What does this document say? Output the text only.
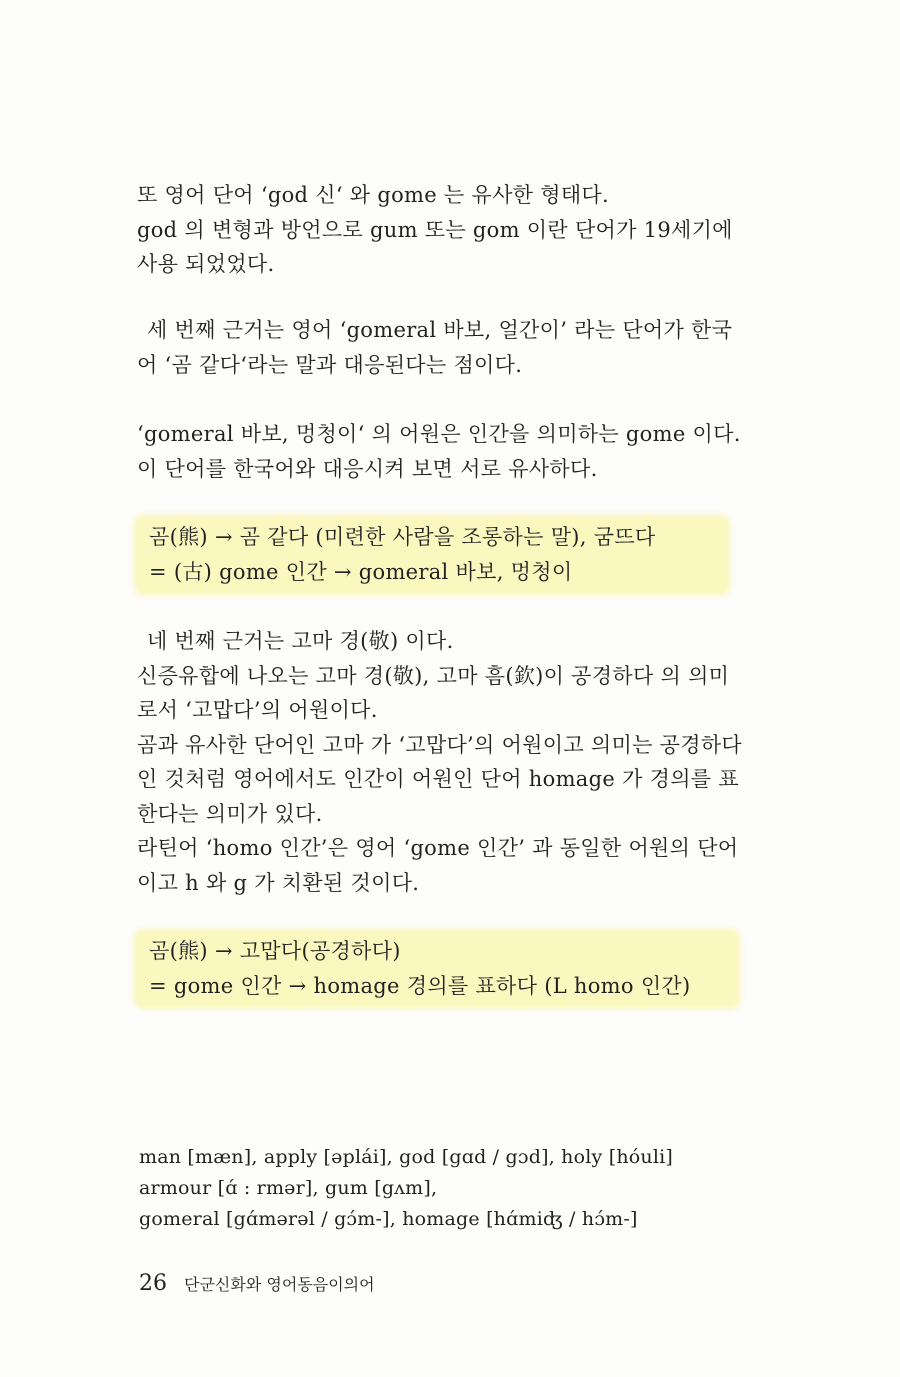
또 영어 단어 ‘god 신‘ 와 gome 는 유사한 형태다.
god 의 변형과 방언으로 gum 또는 gom 이란 단어가 19세기에
사용 되었었다.
세 번째 근거는 영어 ‘gomeral 바보, 얼간이’ 라는 단어가 한국
어 ‘곰 같다‘라는 말과 대응된다는 점이다.
‘gomeral 바보, 멍청이‘ 의 어원은 인간을 의미하는 gome 이다.
이 단어를 한국어와 대응시켜 보면 서로 유사하다.
곰(熊) → 곰 같다 (미련한 사람을 조롱하는 말), 굼뜨다
= (古) gome 인간 → gomeral 바보, 멍청이
네 번째 근거는 고마 경(敬) 이다.
신증유합에 나오는 고마 경(敬), 고마 흠(欽)이 공경하다 의 의미
로서 ‘고맙다’의 어원이다.
곰과 유사한 단어인 고마 가 ‘고맙다’의 어원이고 의미는 공경하다
인 것처럼 영어에서도 인간이 어원인 단어 homage 가 경의를 표
한다는 의미가 있다.
라틴어 ‘homo 인간’은 영어 ‘gome 인간’ 과 동일한 어원의 단어
이고 h 와 g 가 치환된 것이다.
곰(熊) → 고맙다(공경하다)
= gome 인간 → homage 경의를 표하다 (L homo 인간)
man [mæn], apply [əplái], god [gɑd / gɔd], holy [hóuli]
armour [ɑ́ : rmər], gum [gʌm],
gomeral [gɑ́mərəl / gɔ́m-], homage [hɑ́miʤ / hɔ́m-]
26 단군신화와 영어동음이의어
